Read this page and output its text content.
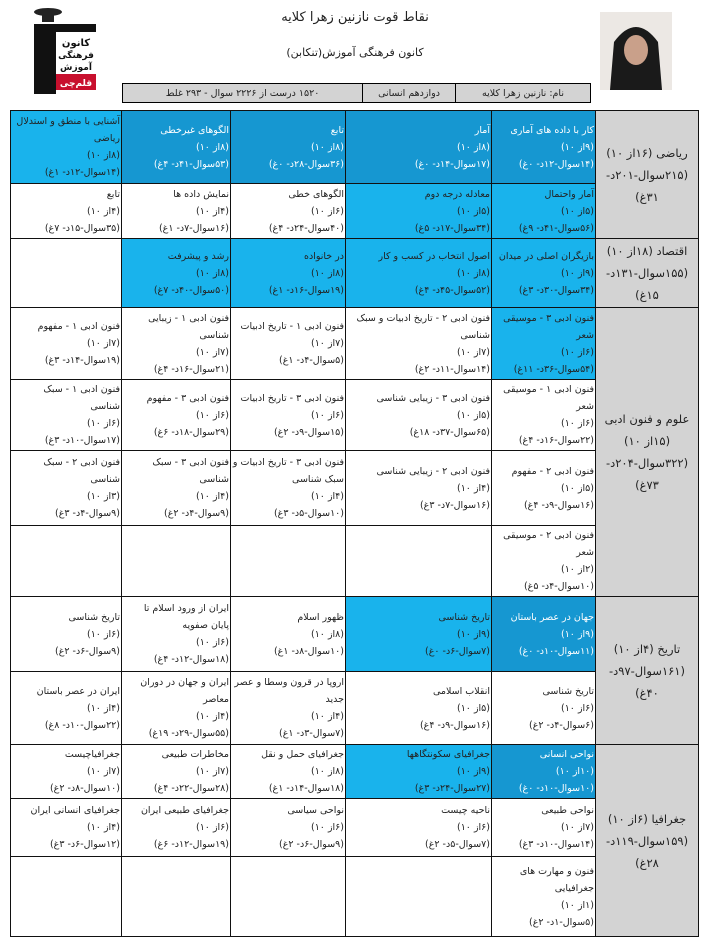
کانون
فرهنگی
آموزش
قلم‌چی
نقاط قوت نازنین زهرا کلایه
کانون فرهنگی آموزش(تنکابن)
نام: نازنین زهرا کلایه
دوازدهم انسانی
۱۵۲۰ درست از ۲۲۲۶ سوال - ۲۹۳ غلط
ریاضی (۱۶از ۱۰)
(۲۱۵سوال-۲۰۱د- ۳۱غ)	کار با داده های آماری
(۹از ۱۰)
(۱۴سوال-۱۲د- ۰غ)	آمار
(۸از ۱۰)
(۱۷سوال-۱۴د- ۰غ)	تابع
(۸از ۱۰)
(۳۶سوال-۲۸د- ۰غ)	الگوهای غیرخطی
(۸از ۱۰)
(۵۳سوال-۴۱د- ۴غ)	آشنایی با منطق و استدلال ریاضی
(۸از ۱۰)
(۱۴سوال-۱۲د- ۱غ)

	آمار واحتمال
(۵از ۱۰)
(۵۶سوال-۴۱د- ۹غ)	معادله درجه دوم
(۵از ۱۰)
(۳۴سوال-۱۷د- ۵غ)	الگوهای خطی
(۶از ۱۰)
(۴۰سوال-۲۴د- ۴غ)	نمایش داده ها
(۴از ۱۰)
(۱۶سوال-۷د- ۱غ)	تابع
(۴از ۱۰)
(۳۵سوال-۱۵د- ۷غ)

اقتصاد (۱۸از ۱۰)
(۱۵۵سوال-۱۳۱د- ۱۵غ)	بازیگران اصلی در میدان
(۹از ۱۰)
(۳۴سوال-۳۰د- ۳غ)	اصول انتخاب در کسب و کار
(۸از ۱۰)
(۵۲سوال-۴۵د- ۴غ)	در خانواده
(۸از ۱۰)
(۱۹سوال-۱۶د- ۱غ)	رشد و پیشرفت
(۸از ۱۰)
(۵۰سوال-۴۰د- ۷غ)	

علوم و فنون ادبی (۱۵از ۱۰)
(۳۲۲سوال-۲۰۴د- ۷۳غ)	فنون ادبی ۳ - موسیقی شعر
(۶از ۱۰)
(۵۴سوال-۳۶د- ۱۱غ)	فنون ادبی ۲ - تاریخ ادبیات و سبک شناسی
(۷از ۱۰)
(۱۴سوال-۱۱د- ۲غ)	فنون ادبی ۱ - تاریخ ادبیات
(۷از ۱۰)
(۵سوال-۴د- ۱غ)	فنون ادبی ۱ - زیبایی شناسی
(۷از ۱۰)
(۲۱سوال-۱۶د- ۴غ)	فنون ادبی ۱ - مفهوم
(۷از ۱۰)
(۱۹سوال-۱۴د- ۳غ)

	فنون ادبی ۱ - موسیقی شعر
(۶از ۱۰)
(۲۲سوال-۱۶د- ۴غ)	فنون ادبی ۳ - زیبایی شناسی
(۵از ۱۰)
(۶۵سوال-۳۷د- ۱۸غ)	فنون ادبی ۳ - تاریخ ادبیات
(۶از ۱۰)
(۱۵سوال-۹د- ۲غ)	فنون ادبی ۳ - مفهوم
(۶از ۱۰)
(۲۹سوال-۱۸د- ۶غ)	فنون ادبی ۱ - سبک شناسی
(۶از ۱۰)
(۱۷سوال-۱۰د- ۳غ)

	فنون ادبی ۲ - مفهوم
(۵از ۱۰)
(۱۶سوال-۹د- ۴غ)	فنون ادبی ۲ - زیبایی شناسی
(۴از ۱۰)
(۱۶سوال-۷د- ۳غ)	فنون ادبی ۳ - تاریخ ادبیات و سبک شناسی
(۴از ۱۰)
(۱۰سوال-۵د- ۳غ)	فنون ادبی ۳ - سبک شناسی
(۴از ۱۰)
(۹سوال-۴د- ۲غ)	فنون ادبی ۲ - سبک شناسی
(۳از ۱۰)
(۹سوال-۴د- ۳غ)

	فنون ادبی ۲ - موسیقی شعر
(۲از ۱۰)
(۱۰سوال-۴د- ۵غ)				

تاریخ (۴از ۱۰)
(۱۶۱سوال-۹۷د- ۴۰غ)	جهان در عصر باستان
(۹از ۱۰)
(۱۱سوال-۱۰د- ۰غ)	تاریخ شناسی
(۹از ۱۰)
(۷سوال-۶د- ۰غ)	ظهور اسلام
(۸از ۱۰)
(۱۰سوال-۸د- ۱غ)	ایران از ورود اسلام تا پایان صفویه
(۶از ۱۰)
(۱۸سوال-۱۲د- ۴غ)	تاریخ شناسی
(۶از ۱۰)
(۹سوال-۶د- ۲غ)

	تاریخ شناسی
(۶از ۱۰)
(۶سوال-۴د- ۲غ)	انقلاب اسلامی
(۵از ۱۰)
(۱۶سوال-۹د- ۴غ)	اروپا در قرون وسطا و عصر جدید
(۴از ۱۰)
(۷سوال-۳د- ۱غ)	ایران و جهان در دوران معاصر
(۴از ۱۰)
(۵۵سوال-۲۹د- ۱۹غ)	ایران در عصر باستان
(۴از ۱۰)
(۲۲سوال-۱۰د- ۸غ)

جغرافیا (۶از ۱۰)
(۱۵۹سوال-۱۱۹د- ۲۸غ)	نواحی انسانی
(۱۰از ۱۰)
(۱۰سوال-۱۰د- ۰غ)	جغرافیای سکونتگاهها
(۹از ۱۰)
(۲۷سوال-۲۴د- ۳غ)	جغرافیای حمل و نقل
(۸از ۱۰)
(۱۸سوال-۱۴د- ۱غ)	مخاطرات طبیعی
(۷از ۱۰)
(۲۸سوال-۲۲د- ۴غ)	جغرافیاچیست
(۷از ۱۰)
(۱۰سوال-۸د- ۲غ)

	نواحی طبیعی
(۷از ۱۰)
(۱۴سوال-۱۰د- ۳غ)	ناحیه چیست
(۶از ۱۰)
(۷سوال-۵د- ۲غ)	نواحی سیاسی
(۶از ۱۰)
(۹سوال-۶د- ۲غ)	جغرافیای طبیعی ایران
(۶از ۱۰)
(۱۹سوال-۱۲د- ۶غ)	جغرافیای انسانی ایران
(۴از ۱۰)
(۱۲سوال-۶د- ۳غ)

	فنون و مهارت های جغرافیایی
(۱از ۱۰)
(۵سوال-۱د- ۲غ)				
